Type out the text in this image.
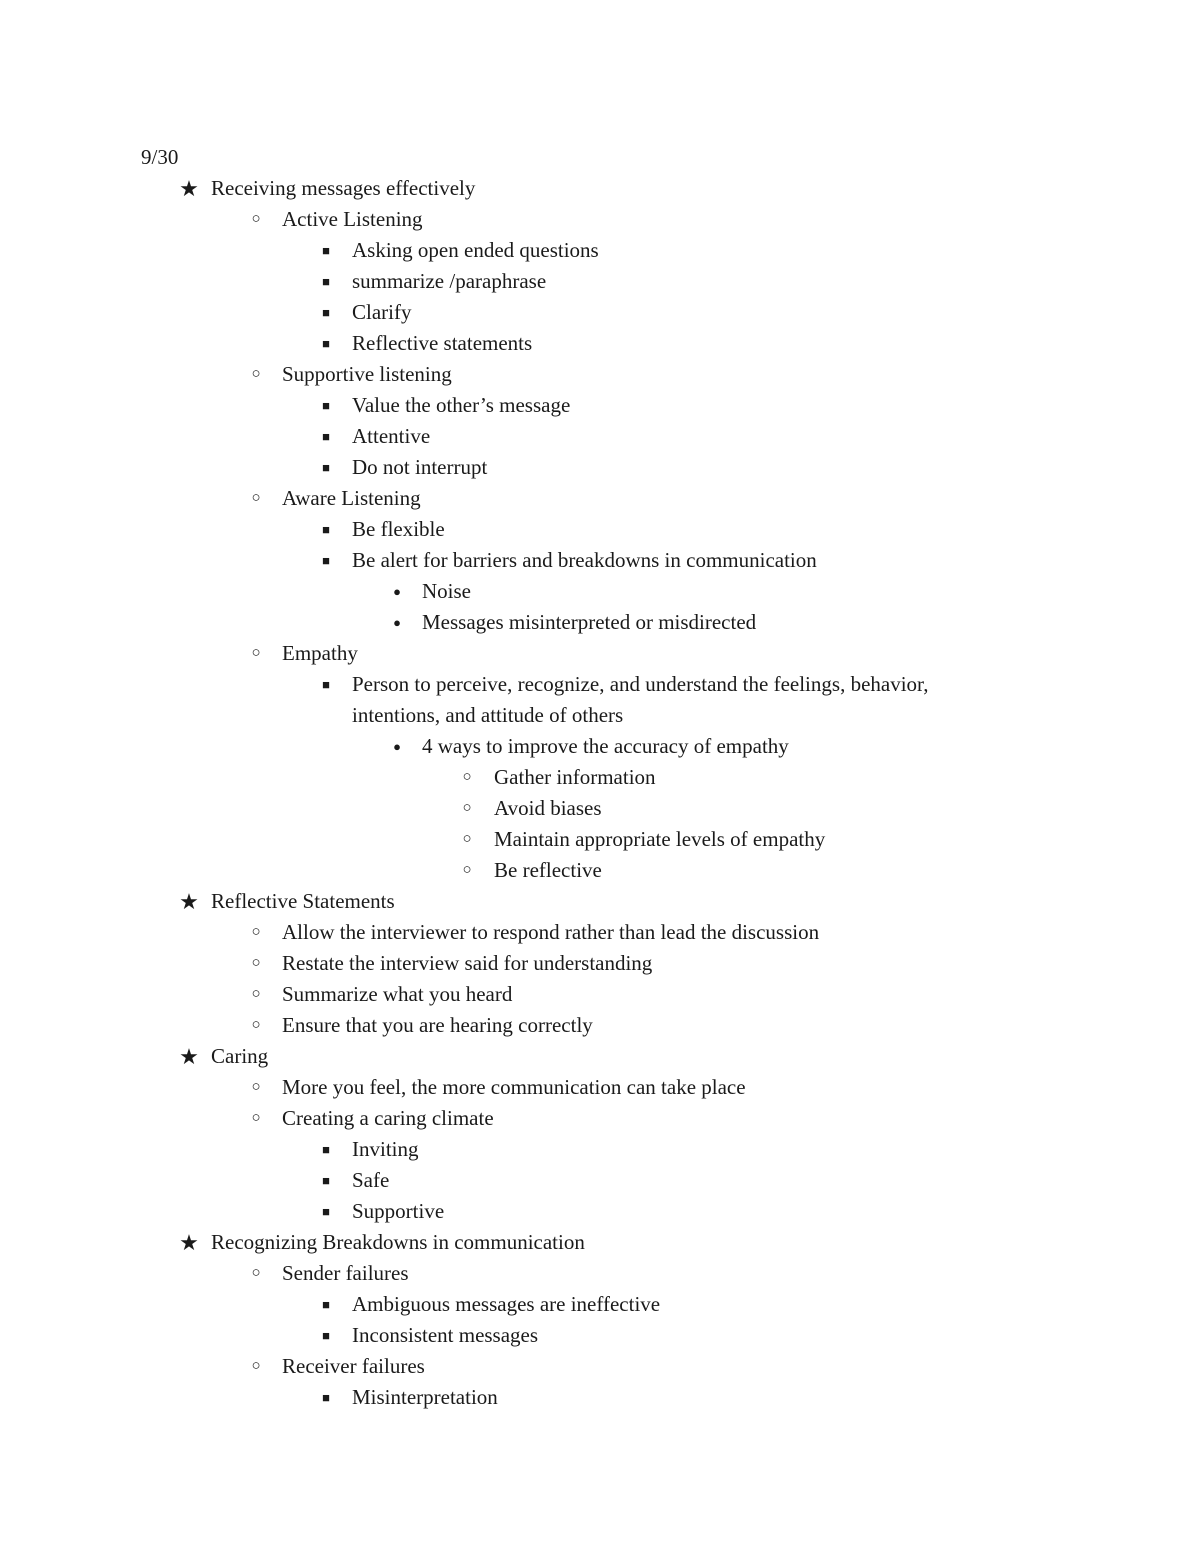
9/30
★ Receiving messages effectively
○	Active Listening
■	Asking open ended questions
■	summarize /paraphrase
■	Clarify
■	Reflective statements
○	Supportive listening
■	Value the other’s message
■	Attentive
■	Do not interrupt
○	Aware Listening
■	Be flexible
■	Be alert for barriers and breakdowns in communication
●	Noise
●	Messages misinterpreted or misdirected
○	Empathy
■	Person to perceive, recognize, and understand the feelings, behavior,
intentions, and attitude of others
●	4 ways to improve the accuracy of empathy
○	Gather information
○	Avoid biases
○	Maintain appropriate levels of empathy
○	Be reflective
★ Reflective Statements
○	Allow the interviewer to respond rather than lead the discussion
○	Restate the interview said for understanding
○	Summarize what you heard
○	Ensure that you are hearing correctly
★ Caring
○	More you feel, the more communication can take place
○	Creating a caring climate
■	Inviting
■	Safe
■	Supportive
★ Recognizing Breakdowns in communication
○	Sender failures
■	Ambiguous messages are ineffective
■	Inconsistent messages
○	Receiver failures
■	Misinterpretation
